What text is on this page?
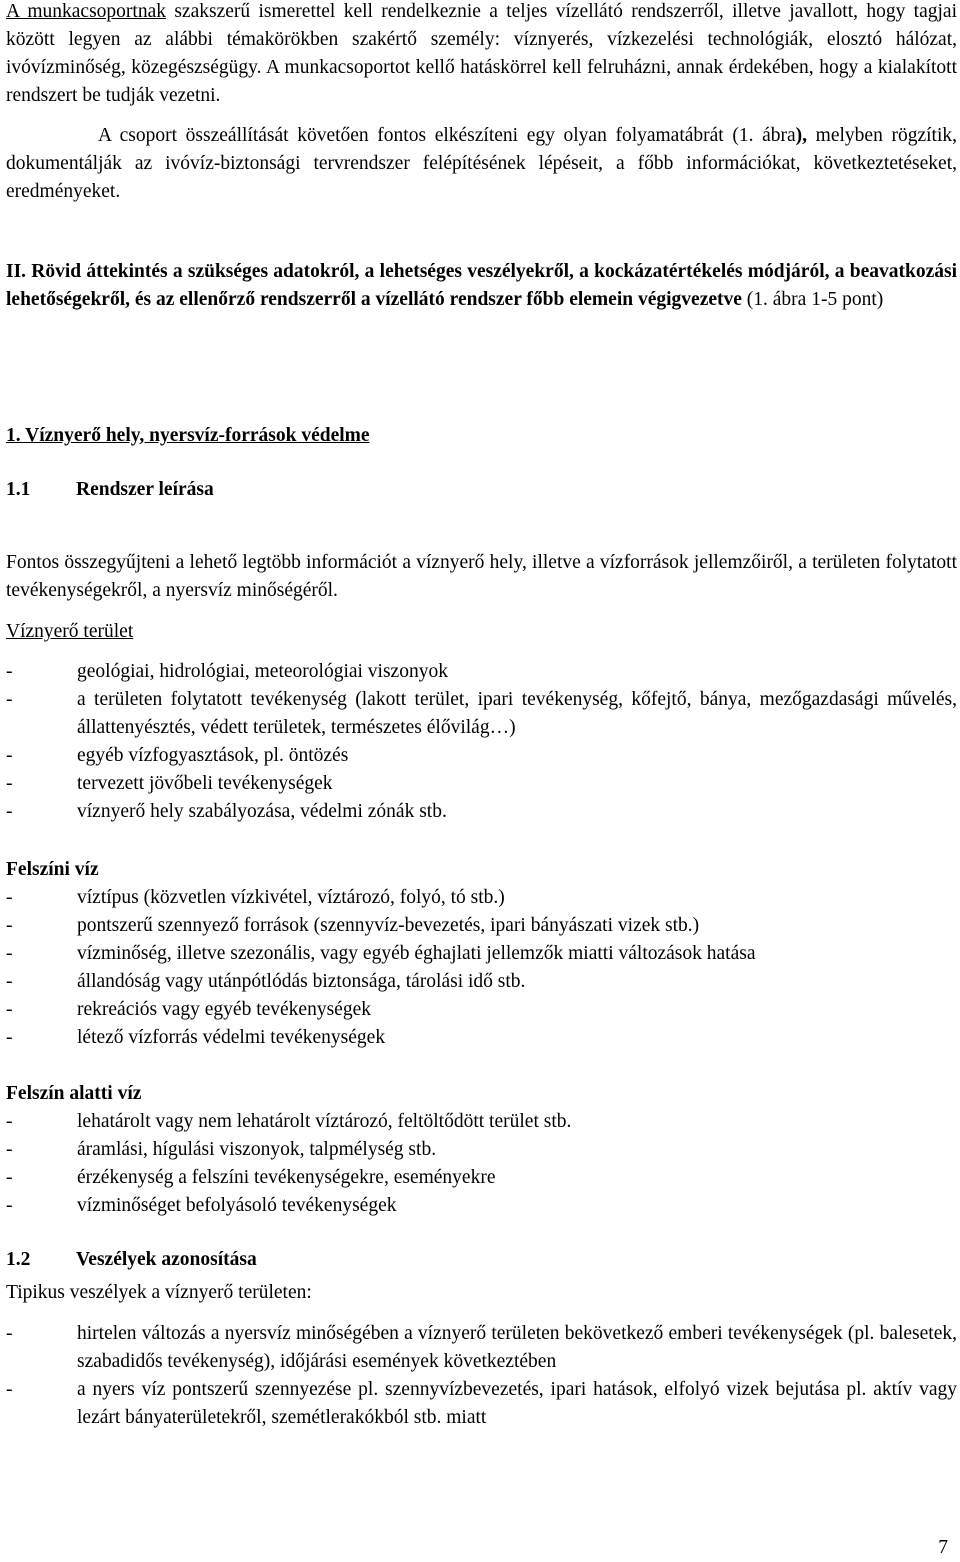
A munkacsoportnak szakszerű ismerettel kell rendelkeznie a teljes vízellátó rendszerről, illetve javallott, hogy tagjai között legyen az alábbi témakörökben szakértő személy: víznyerés, vízkezelési technológiák, elosztó hálózat, ivóvízminőség, közegészségügy. A munkacsoportot kellő hatáskörrel kell felruházni, annak érdekében, hogy a kialakított rendszert be tudják vezetni.

A csoport összeállítását követően fontos elkészíteni egy olyan folyamatábrát (1. ábra), melyben rögzítik, dokumentálják az ivóvíz-biztonsági tervrendszer felépítésének lépéseit, a főbb információkat, következtetéseket, eredményeket.

II. Rövid áttekintés a szükséges adatokról, a lehetséges veszélyekről, a kockázatértékelés módjáról, a beavatkozási lehetőségekről, és az ellenőrző rendszerről a vízellátó rendszer főbb elemein végigvezetve (1. ábra 1-5 pont)

1. Víznyerő hely, nyersvíz-források védelme

1.1 Rendszer leírása

Fontos összegyűjteni a lehető legtöbb információt a víznyerő hely, illetve a vízforrások jellemzőiről, a területen folytatott tevékenységekről, a nyersvíz minőségéről.

Víznyerő terület

-	geológiai, hidrológiai, meteorológiai viszonyok
-	a területen folytatott tevékenység (lakott terület, ipari tevékenység, kőfejtő, bánya, mezőgazdasági művelés, állattenyésztés, védett területek, természetes élővilág…)
-	egyéb vízfogyasztások, pl. öntözés
-	tervezett jövőbeli tevékenységek
-	víznyerő hely szabályozása, védelmi zónák stb.

Felszíni víz

-	víztípus (közvetlen vízkivétel, víztározó, folyó, tó stb.)
-	pontszerű szennyező források (szennyvíz-bevezetés, ipari bányászati vizek stb.)
-	vízminőség, illetve szezonális, vagy egyéb éghajlati jellemzők miatti változások hatása
-	állandóság vagy utánpótlódás biztonsága, tárolási idő stb.
-	rekreációs vagy egyéb tevékenységek
-	létező vízforrás védelmi tevékenységek

Felszín alatti víz

-	lehatárolt vagy nem lehatárolt víztározó, feltöltődött terület stb.
-	áramlási, hígulási viszonyok, talpmélység stb.
-	érzékenység a felszíni tevékenységekre, eseményekre
-	vízminőséget befolyásoló tevékenységek

1.2 Veszélyek azonosítása

Tipikus veszélyek a víznyerő területen:

-	hirtelen változás a nyersvíz minőségében a víznyerő területen bekövetkező emberi tevékenységek (pl. balesetek, szabadidős tevékenység), időjárási események következtében
-	a nyers víz pontszerű szennyezése pl. szennyvízbevezetés, ipari hatások, elfolyó vizek bejutása pl. aktív vagy lezárt bányaterületekről, szemétlerakókból stb. miatt
7
